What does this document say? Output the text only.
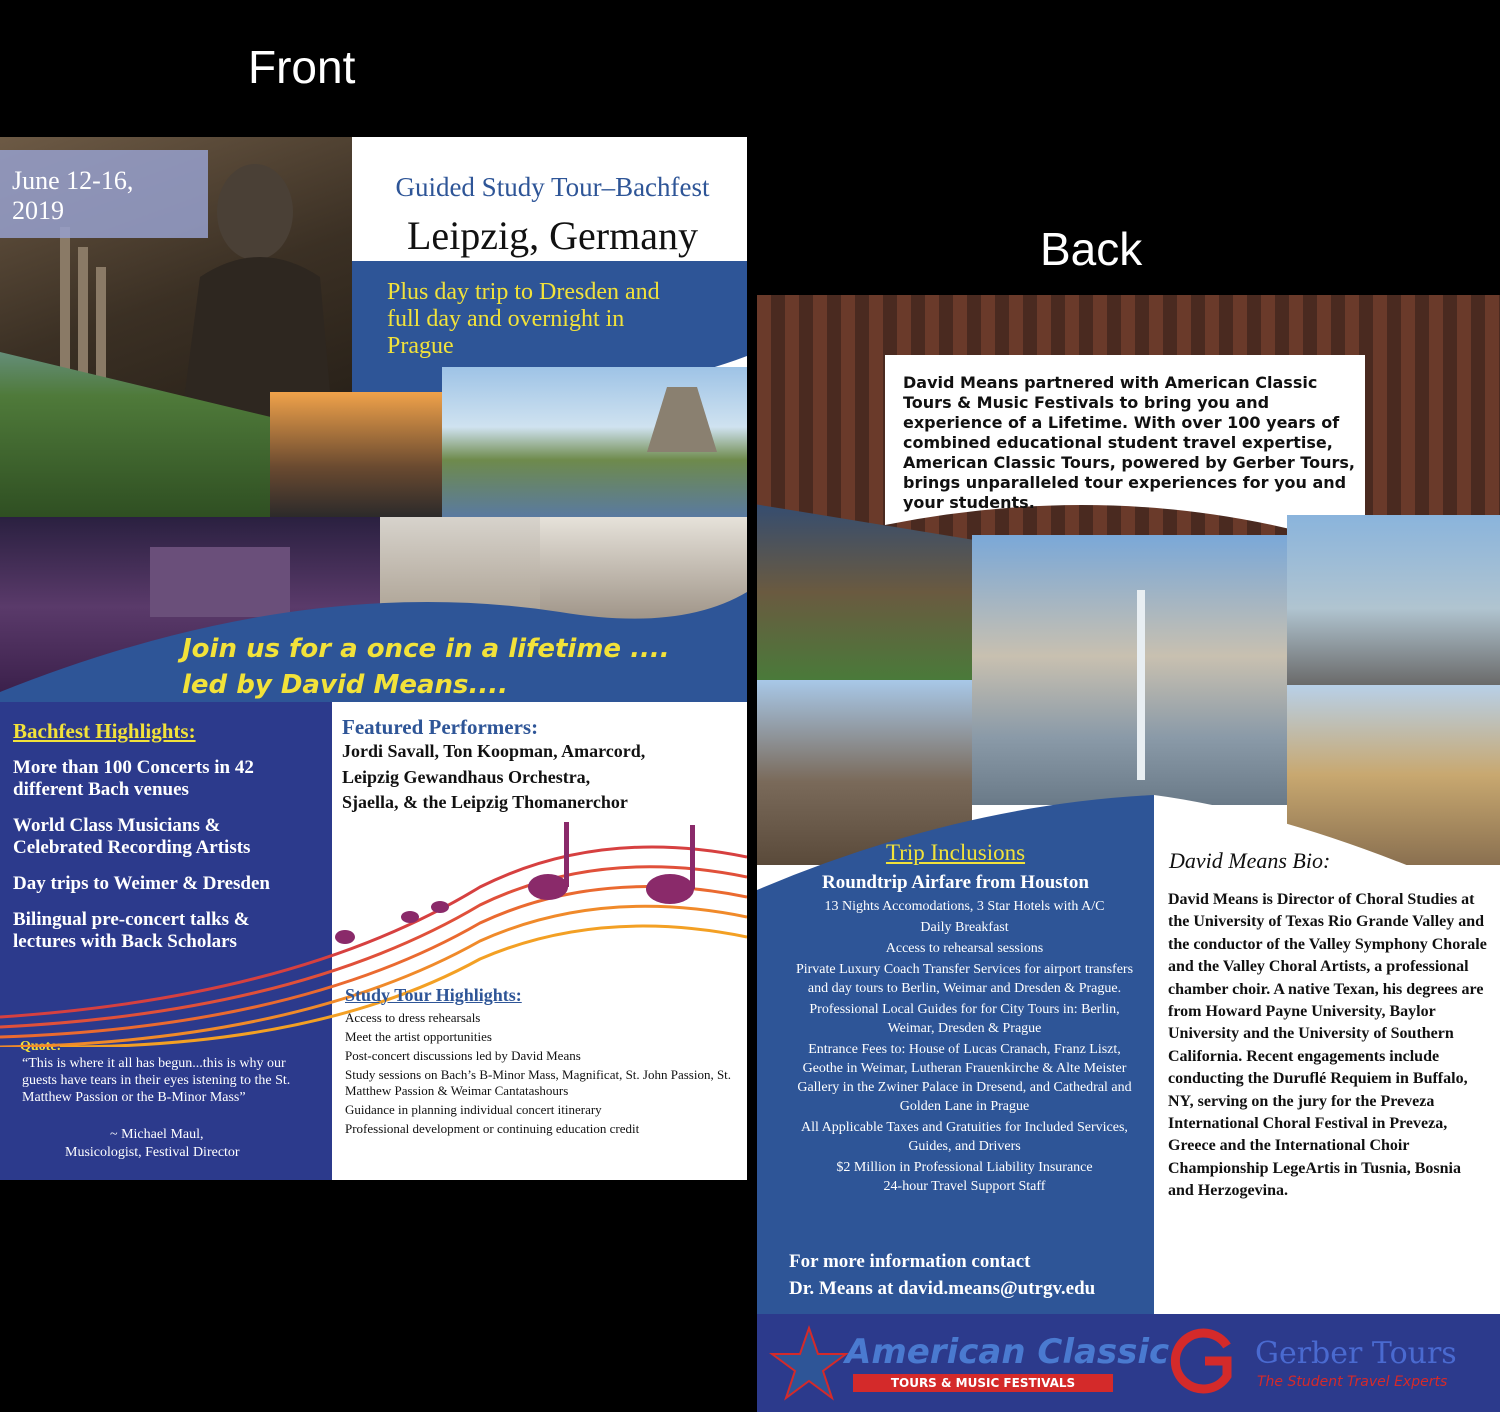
Front
Back
June 12-16, 2019
Guided Study Tour–Bachfest
Leipzig, Germany
Plus day trip to Dresden and full day and overnight in Prague
Join us for a once in a lifetime ....
led by David Means....
Bachfest Highlights:
More than 100 Concerts in 42 different Bach venues
World Class Musicians & Celebrated Recording Artists
Day trips to Weimer & Dresden
Bilingual pre-concert talks & lectures with Back Scholars
Quote:
“This is where it all has begun...this is why our guests have tears in their eyes istening to the St. Matthew Passion or the B-Minor Mass”
~ Michael Maul,
Musicologist, Festival Director
Featured Performers:
Jordi Savall, Ton Koopman, Amarcord,
Leipzig Gewandhaus Orchestra,
Sjaella, & the Leipzig Thomanerchor
Study Tour Highlights:

Access to dress rehearsals

Meet the artist opportunities

Post-concert discussions led by David Means

Study sessions on Bach’s B-Minor Mass, Magnificat, St. John Passion, St. Matthew Passion & Weimar Cantatashours

Guidance in planning individual concert itinerary

Professional development or continuing education credit

David Means partnered with American Classic Tours & Music Festivals to bring you and experience of a Lifetime. With over 100 years of combined educational student travel expertise, American Classic Tours, powered by Gerber Tours, brings unparalleled tour experiences for you and your students.
Trip Inclusions
Roundtrip Airfare from Houston

13 Nights Accomodations, 3 Star Hotels with A/C

Daily Breakfast

Access to rehearsal sessions

Pirvate Luxury Coach Transfer Services for airport transfers and day tours to Berlin, Weimar and Dresden & Prague.

Professional Local Guides for for City Tours in: Berlin, Weimar, Dresden & Prague

Entrance Fees to: House of Lucas Cranach, Franz Liszt, Geothe in Weimar, Lutheran Frauenkirche & Alte Meister Gallery in the Zwiner Palace in Dresend, and Cathedral and Golden Lane in Prague

All Applicable Taxes and Gratuities for Included Services, Guides, and Drivers

$2 Million in Professional Liability Insurance

24-hour Travel Support Staff

For more information contact
Dr. Means at david.means@utrgv.edu
David Means Bio:
David Means is Director of Choral Studies at the University of Texas Rio Grande Valley and the conductor of the Valley Symphony Chorale and the Valley Choral Artists, a professional chamber choir. A native Texan, his degrees are from Howard Payne University, Baylor University and the University of Southern California. Recent engagements include conducting the Duruflé Requiem in Buffalo, NY, serving on the jury for the Preveza International Choral Festival in Preveza, Greece and the International Choir Championship LegeArtis in Tusnia, Bosnia and Herzogevina.
American Classic
TOURS & MUSIC FESTIVALS
Gerber Tours
The Student Travel Experts
